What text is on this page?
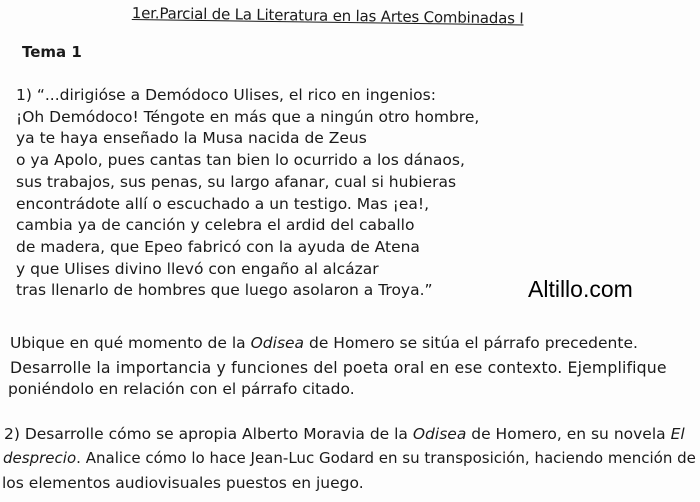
1er.Parcial de La Literatura en las Artes Combinadas I
Tema 1
1) “...dirigióse a Demódoco Ulises, el rico en ingenios:
¡Oh Demódoco! Téngote en más que a ningún otro hombre,
ya te haya enseñado la Musa nacida de Zeus
o ya Apolo, pues cantas tan bien lo ocurrido a los dánaos,
sus trabajos, sus penas, su largo afanar, cual si hubieras
encontrádote allí o escuchado a un testigo. Mas ¡ea!,
cambia ya de canción y celebra el ardid del caballo
de madera, que Epeo fabricó con la ayuda de Atena
y que Ulises divino llevó con engaño al alcázar
tras llenarlo de hombres que luego asolaron a Troya.”	Altillo.com
Ubique en qué momento de la Odisea de Homero se sitúa el párrafo precedente.
Desarrolle la importancia y funciones del poeta oral en ese contexto. Ejemplifique
poniéndolo en relación con el párrafo citado.
2) Desarrolle cómo se apropia Alberto Moravia de la Odisea de Homero, en su novela El
desprecio. Analice cómo lo hace Jean-Luc Godard en su transposición, haciendo mención de
los elementos audiovisuales puestos en juego.
